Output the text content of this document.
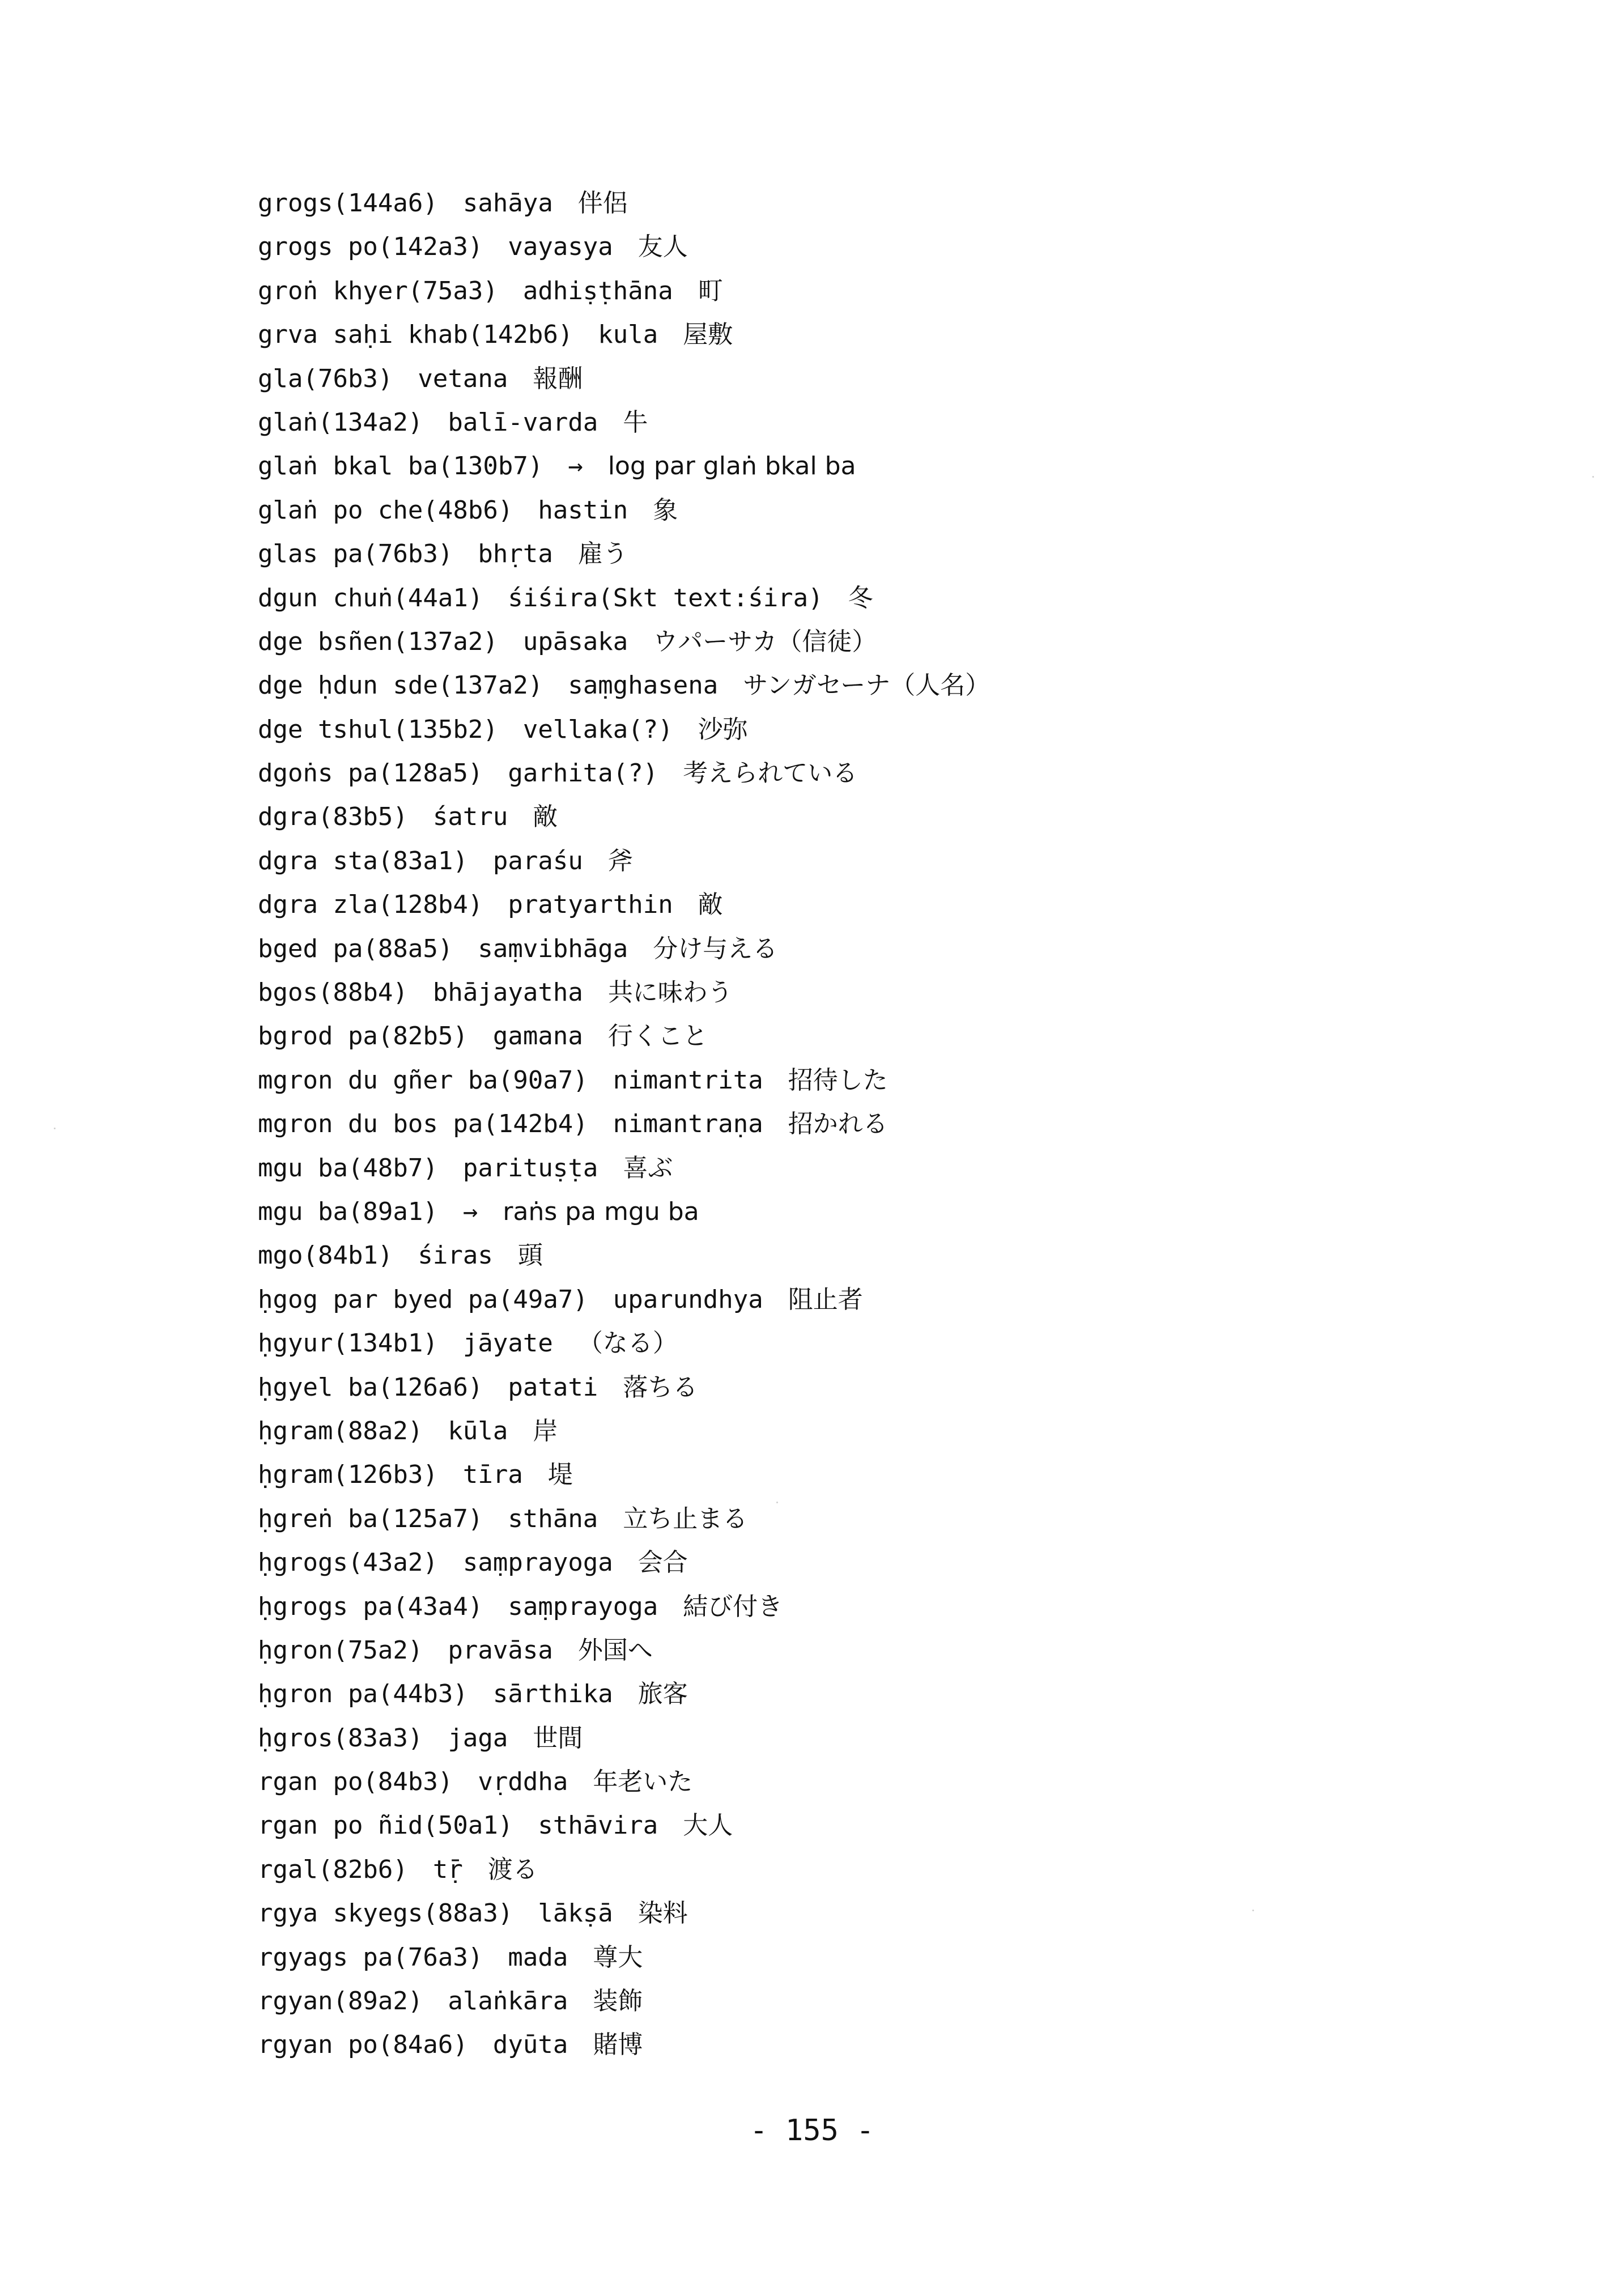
grogs(144a6) sahāya 伴侶
grogs po(142a3) vayasya 友人
groṅ khyer(75a3) adhiṣṭhāna 町
grva saḥi khab(142b6) kula 屋敷
gla(76b3) vetana 報酬
glaṅ(134a2) balī-varda 牛
glaṅ bkal ba(130b7) → log par glaṅ bkal ba
glaṅ po che(48b6) hastin 象
glas pa(76b3) bhṛta 雇う
dgun chuṅ(44a1) śiśira(Skt text:śira) 冬
dge bsñen(137a2) upāsaka ウパーサカ（信徒）
dge ḥdun sde(137a2) saṃghasena サンガセーナ（人名）
dge tshul(135b2) vellaka(?) 沙弥
dgoṅs pa(128a5) garhita(?) 考えられている
dgra(83b5) śatru 敵
dgra sta(83a1) paraśu 斧
dgra zla(128b4) pratyarthin 敵
bged pa(88a5) saṃvibhāga 分け与える
bgos(88b4) bhājayatha 共に味わう
bgrod pa(82b5) gamana 行くこと
mgron du gñer ba(90a7) nimantrita 招待した
mgron du bos pa(142b4) nimantraṇa 招かれる
mgu ba(48b7) parituṣṭa 喜ぶ
mgu ba(89a1) → raṅs pa mgu ba
mgo(84b1) śiras 頭
ḥgog par byed pa(49a7) uparundhya 阻止者
ḥgyur(134b1) jāyate （なる）
ḥgyel ba(126a6) patati 落ちる
ḥgram(88a2) kūla 岸
ḥgram(126b3) tīra 堤
ḥgreṅ ba(125a7) sthāna 立ち止まる
ḥgrogs(43a2) saṃprayoga 会合
ḥgrogs pa(43a4) saṃprayoga 結び付き
ḥgron(75a2) pravāsa 外国へ
ḥgron pa(44b3) sārthika 旅客
ḥgros(83a3) jaga 世間
rgan po(84b3) vṛddha 年老いた
rgan po ñid(50a1) sthāvira 大人
rgal(82b6) tṝ 渡る
rgya skyegs(88a3) lākṣā 染料
rgyags pa(76a3) mada 尊大
rgyan(89a2) alaṅkāra 装飾
rgyan po(84a6) dyūta 賭博
- 155 -
